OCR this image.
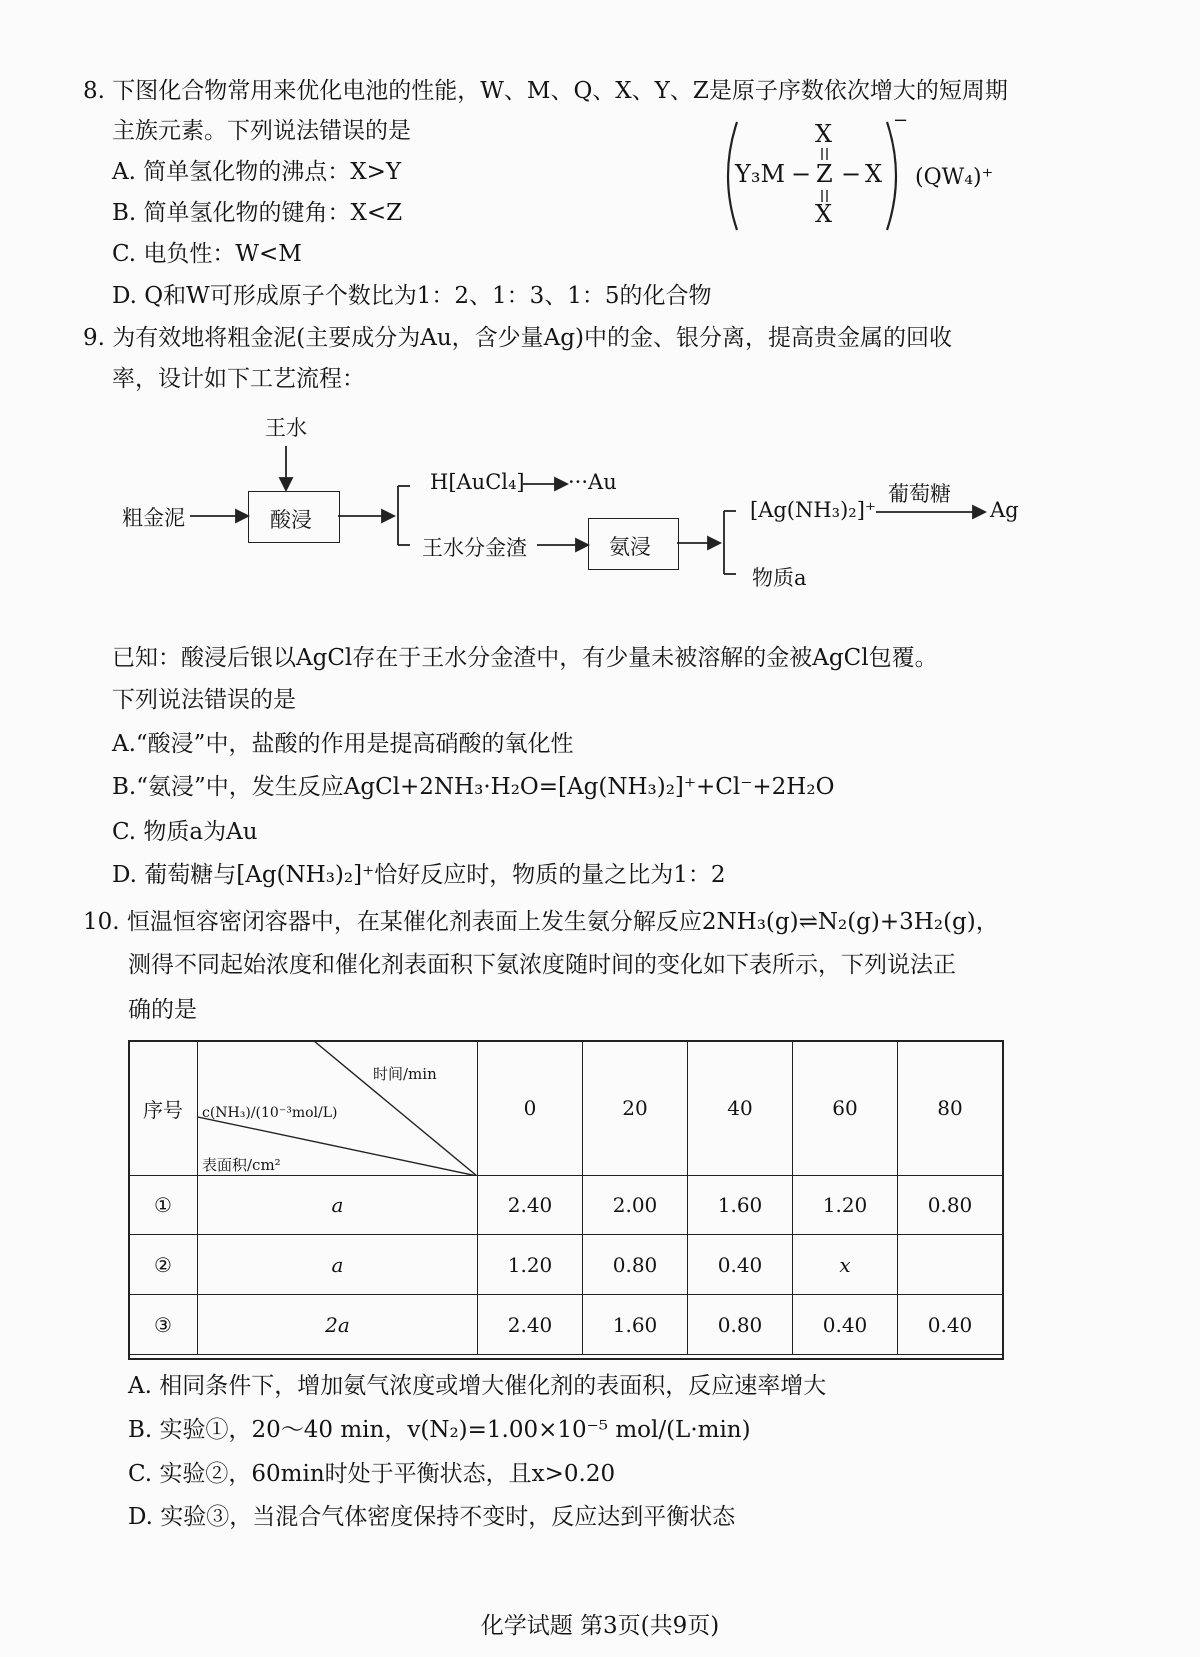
8. 下图化合物常用来优化电池的性能，W、M、Q、X、Y、Z是原子序数依次增大的短周期
主族元素。下列说法错误的是
A. 简单氢化物的沸点：X>Y
B. 简单氢化物的键角：X<Z
C. 电负性：W<M
D. Q和W可形成原子个数比为1：2、1：3、1：5的化合物
X
Y₃M − Z − X
X
−
(QW₄)⁺
9. 为有效地将粗金泥(主要成分为Au，含少量Ag)中的金、银分离，提高贵金属的回收
率，设计如下工艺流程：
王水
粗金泥	酸浸
H[AuCl₄] ···Au
王水分金渣	氨浸
[Ag(NH₃)₂]⁺
葡萄糖
Ag
物质a
已知：酸浸后银以AgCl存在于王水分金渣中，有少量未被溶解的金被AgCl包覆。
下列说法错误的是
A.“酸浸”中，盐酸的作用是提高硝酸的氧化性
B.“氨浸”中，发生反应AgCl+2NH₃·H₂O=[Ag(NH₃)₂]⁺+Cl⁻+2H₂O
C. 物质a为Au
D. 葡萄糖与[Ag(NH₃)₂]⁺恰好反应时，物质的量之比为1：2
10. 恒温恒容密闭容器中，在某催化剂表面上发生氨分解反应2NH₃(g)⇌N₂(g)+3H₂(g)，
测得不同起始浓度和催化剂表面积下氨浓度随时间的变化如下表所示，下列说法正
确的是
序号	时间/min
c(NH₃)/(10⁻³mol/L)
表面积/cm²	0	20	40	60	80
①	a	2.40	2.00	1.60	1.20	0.80
②	a	1.20	0.80	0.40	x	
③	2a	2.40	1.60	0.80	0.40	0.40
A. 相同条件下，增加氨气浓度或增大催化剂的表面积，反应速率增大
B. 实验①，20～40 min，v(N₂)=1.00×10⁻⁵ mol/(L·min)
C. 实验②，60min时处于平衡状态，且x>0.20
D. 实验③，当混合气体密度保持不变时，反应达到平衡状态
化学试题 第3页(共9页)
